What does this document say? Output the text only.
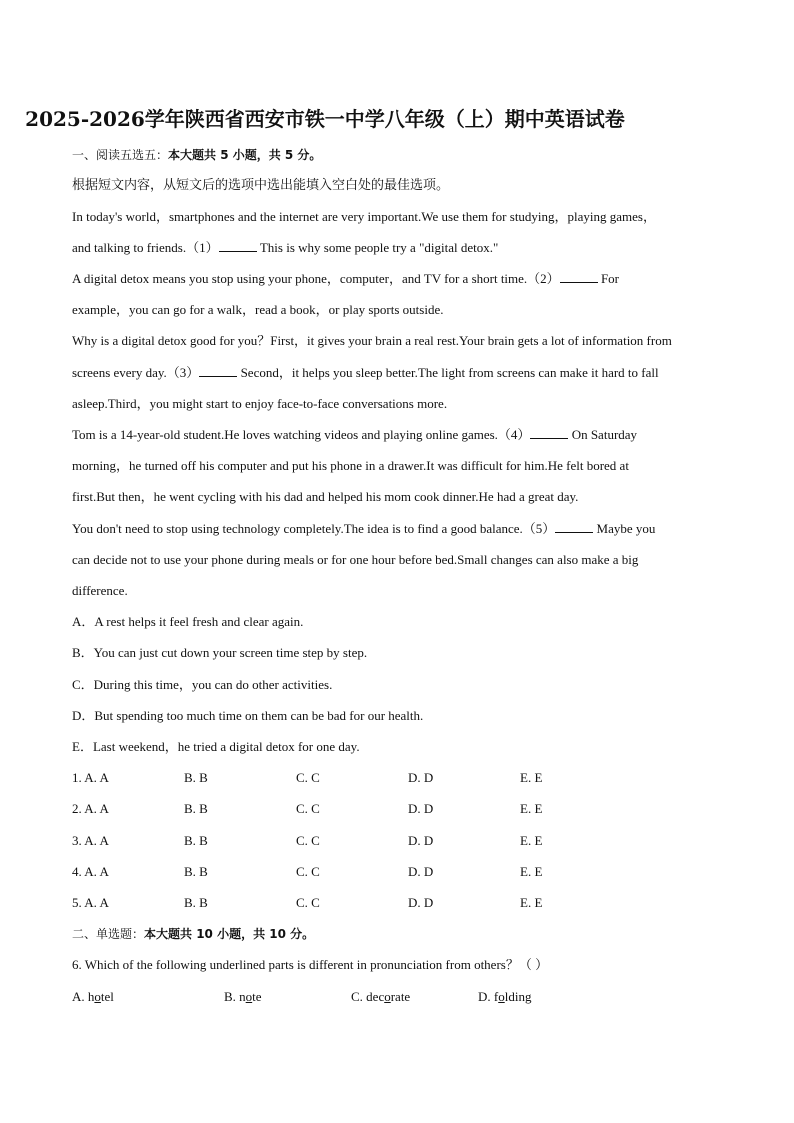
2025-2026学年陕西省西安市铁一中学八年级（上）期中英语试卷
一、阅读五选五：本大题共 5 小题，共 5 分。
根据短文内容，从短文后的选项中选出能填入空白处的最佳选项。
In today's world，smartphones and the internet are very important.We use them for studying，playing games，
and talking to friends.（1）	This is why some people try a "digital detox."
A digital detox means you stop using your phone，computer，and TV for a short time.（2）	For
example，you can go for a walk，read a book，or play sports outside.
Why is a digital detox good for you？First，it gives your brain a real rest.Your brain gets a lot of information from
screens every day.（3）	Second，it helps you sleep better.The light from screens can make it hard to fall
asleep.Third，you might start to enjoy face-to-face conversations more.
Tom is a 14-year-old student.He loves watching videos and playing online games.（4）	On Saturday
morning，he turned off his computer and put his phone in a drawer.It was difficult for him.He felt bored at
first.But then，he went cycling with his dad and helped his mom cook dinner.He had a great day.
You don't need to stop using technology completely.The idea is to find a good balance.（5）	Maybe you
can decide not to use your phone during meals or for one hour before bed.Small changes can also make a big
difference.
A．A rest helps it feel fresh and clear again.
B．You can just cut down your screen time step by step.
C．During this time，you can do other activities.
D．But spending too much time on them can be bad for our health.
E．Last weekend，he tried a digital detox for one day.
1. A. A	B. B	C. C	D. D	E. E
2. A. A	B. B	C. C	D. D	E. E
3. A. A	B. B	C. C	D. D	E. E
4. A. A	B. B	C. C	D. D	E. E
5. A. A	B. B	C. C	D. D	E. E
二、单选题：本大题共 10 小题，共 10 分。
6. Which of the following underlined parts is different in pronunciation from others？（ ）
A. hotel	B. note	C. decorate	D. folding
